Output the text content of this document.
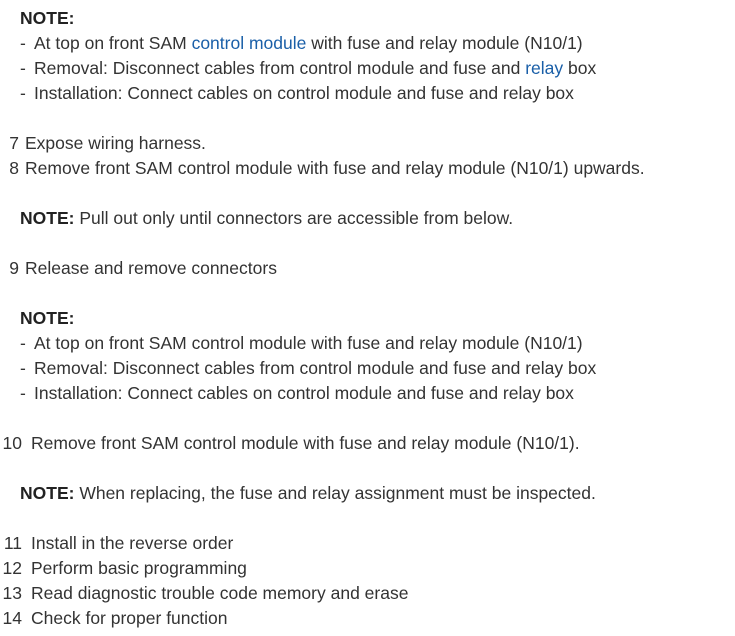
NOTE:
- At top on front SAM control module with fuse and relay module (N10/1)
- Removal: Disconnect cables from control module and fuse and relay box
- Installation: Connect cables on control module and fuse and relay box
7 Expose wiring harness.
8 Remove front SAM control module with fuse and relay module (N10/1) upwards.
NOTE: Pull out only until connectors are accessible from below.
9 Release and remove connectors
NOTE:
- At top on front SAM control module with fuse and relay module (N10/1)
- Removal: Disconnect cables from control module and fuse and relay box
- Installation: Connect cables on control module and fuse and relay box
10 Remove front SAM control module with fuse and relay module (N10/1).
NOTE: When replacing, the fuse and relay assignment must be inspected.
11 Install in the reverse order
12 Perform basic programming
13 Read diagnostic trouble code memory and erase
14 Check for proper function
